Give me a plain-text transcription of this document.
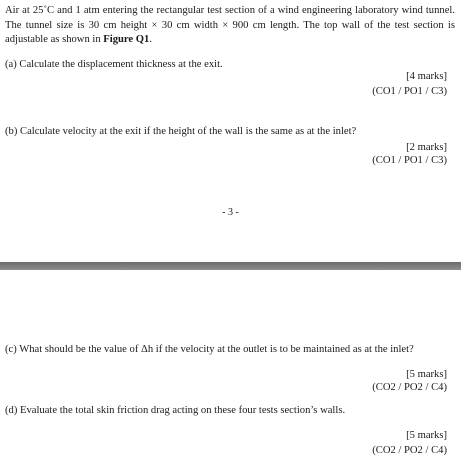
Air at 25˚C and 1 atm entering the rectangular test section of a wind engineering laboratory wind tunnel. The tunnel size is 30 cm height × 30 cm width × 900 cm length. The top wall of the test section is adjustable as shown in Figure Q1.
(a) Calculate the displacement thickness at the exit.
[4 marks]
(CO1 / PO1 / C3)
(b) Calculate velocity at the exit if the height of the wall is the same as at the inlet?
[2 marks]
(CO1 / PO1 / C3)
- 3 -
(c) What should be the value of Δh if the velocity at the outlet is to be maintained as at the inlet?
[5 marks]
(CO2 / PO2 / C4)
(d) Evaluate the total skin friction drag acting on these four tests section’s walls.
[5 marks]
(CO2 / PO2 / C4)
